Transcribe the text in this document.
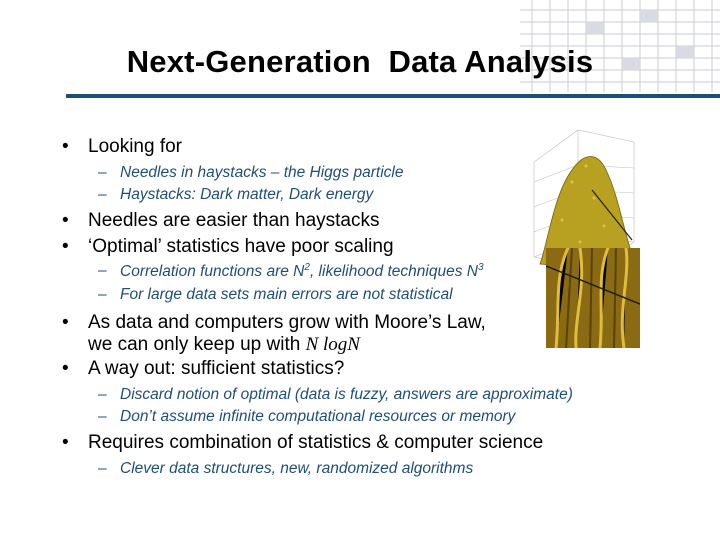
Next-Generation  Data Analysis
• Looking for
– Needles in haystacks – the Higgs particle
– Haystacks: Dark matter, Dark energy
• Needles are easier than haystacks
• ‘Optimal’ statistics have poor scaling
– Correlation functions are $N^2$, likelihood techniques $N^3$
– For large data sets main errors are not statistical
• As data and computers grow with Moore’s Law,
we can only keep up with N logN
• A way out: sufficient statistics?
– Discard notion of optimal (data is fuzzy, answers are approximate)
– Don’t assume infinite computational resources or memory
• Requires combination of statistics & computer science
– Clever data structures, new, randomized algorithms
